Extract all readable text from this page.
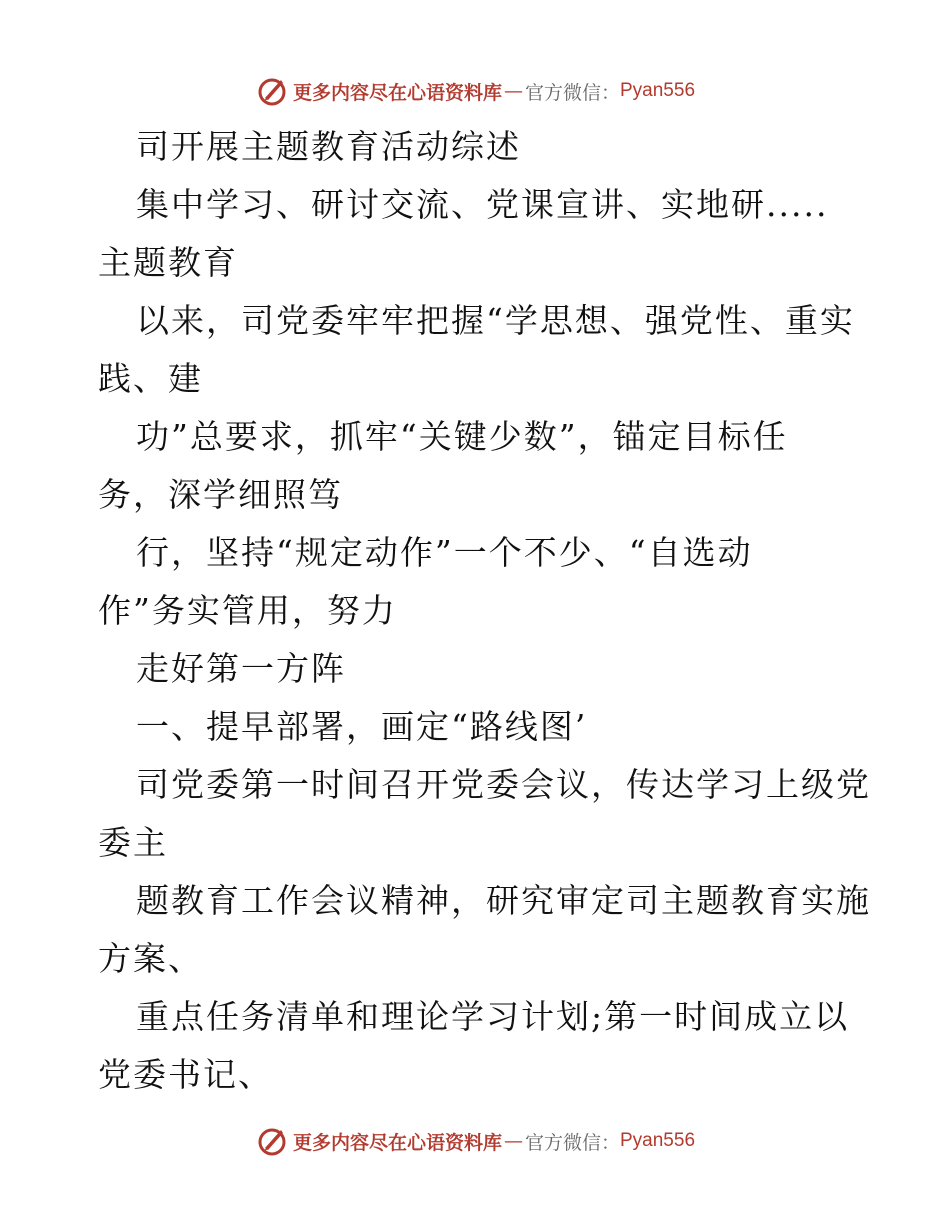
更多内容尽在心语资料库 — 官方微信： Pyan556
司开展主题教育活动综述
集中学习、研讨交流、党课宣讲、实地研.....
主题教育
以来，司党委牢牢把握“学思想、强党性、重实
践、建
功”总要求，抓牢“关键少数”，锚定目标任
务，深学细照笃
行，坚持“规定动作”一个不少、“自选动
作”务实管用，努力
走好第一方阵
一、提早部署，画定“路线图’
司党委第一时间召开党委会议，传达学习上级党
委主
题教育工作会议精神，研究审定司主题教育实施
方案、
重点任务清单和理论学习计划;第一时间成立以
党委书记、
更多内容尽在心语资料库 — 官方微信： Pyan556
